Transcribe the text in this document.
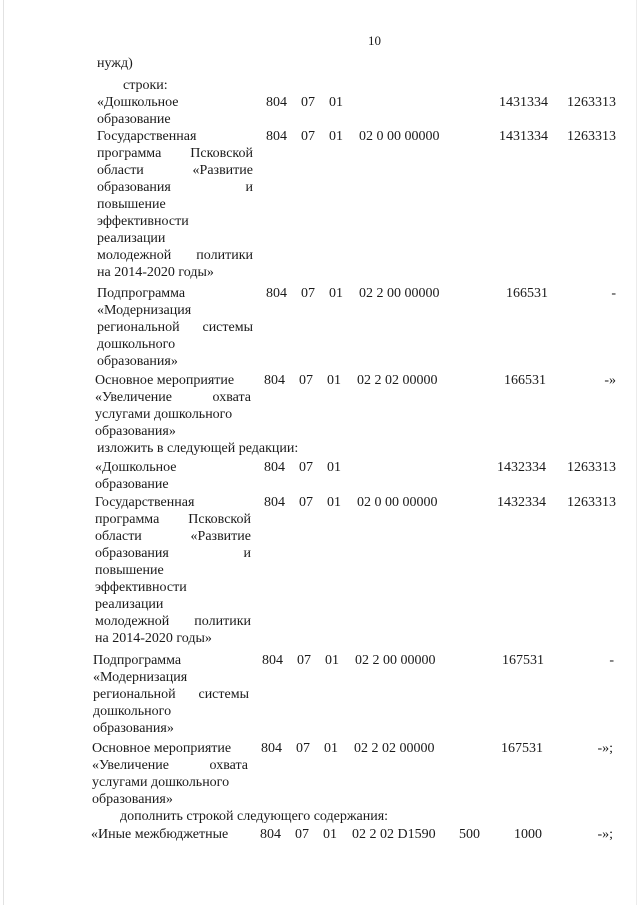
10
нужд)
строки:
«Дошкольное
образование
804 07 01	1431334	1263313
Государственная
программа Псковской
области «Развитие
образования и
повышение
эффективности
реализации
молодежной политики
на 2014-2020 годы»
804 07 01 02 0 00 00000	1431334	1263313
Подпрограмма
«Модернизация
региональной системы
дошкольного
образования»
804 07 01 02 2 00 00000	166531	-
Основное мероприятие
«Увеличение охвата
услугами дошкольного
образования»
804 07 01 02 2 02 00000	166531	-»
изложить в следующей редакции:
«Дошкольное
образование
804 07 01	1432334	1263313
Государственная
программа Псковской
области «Развитие
образования и
повышение
эффективности
реализации
молодежной политики
на 2014-2020 годы»
804 07 01 02 0 00 00000	1432334	1263313
Подпрограмма
«Модернизация
региональной системы
дошкольного
образования»
804 07 01 02 2 00 00000	167531	-
Основное мероприятие
«Увеличение охвата
услугами дошкольного
образования»
804 07 01 02 2 02 00000	167531	-»;
дополнить строкой следующего содержания:
«Иные межбюджетные 804 07 01 02 2 02 D1590 500	1000	-»;
